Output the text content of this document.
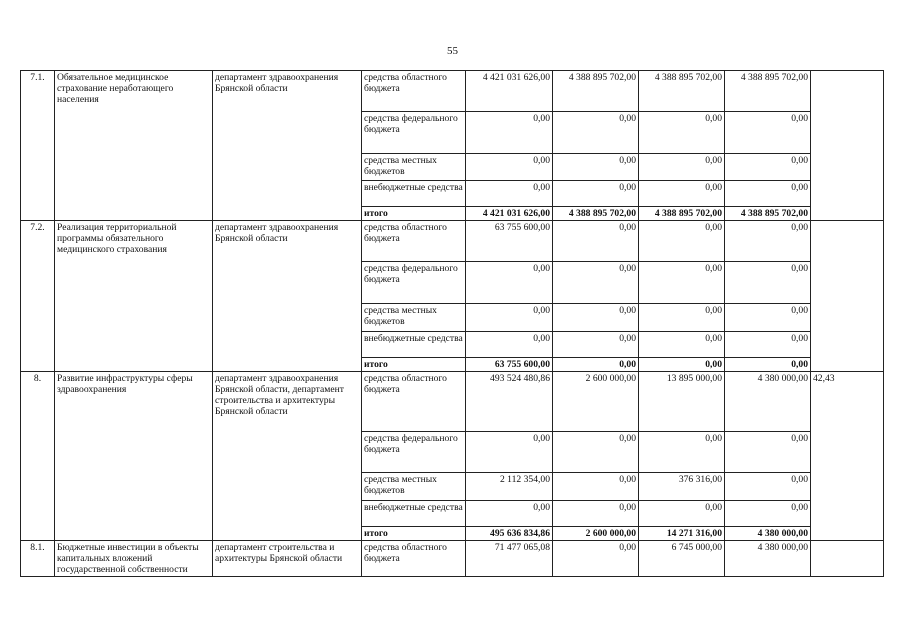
55
7.1.	Обязательное медицинское страхование неработающего населения	департамент здравоохранения Брянской области	средства областного бюджета	4 421 031 626,00	4 388 895 702,00	4 388 895 702,00	4 388 895 702,00	
			средства федерального бюджета	0,00	0,00	0,00	0,00	
			средства местных бюджетов	0,00	0,00	0,00	0,00	
			внебюджетные средства	0,00	0,00	0,00	0,00	
			итого	4 421 031 626,00	4 388 895 702,00	4 388 895 702,00	4 388 895 702,00	
7.2.	Реализация территориальной программы обязательного медицинского страхования	департамент здравоохранения Брянской области	средства областного бюджета	63 755 600,00	0,00	0,00	0,00	
			средства федерального бюджета	0,00	0,00	0,00	0,00	
			средства местных бюджетов	0,00	0,00	0,00	0,00	
			внебюджетные средства	0,00	0,00	0,00	0,00	
			итого	63 755 600,00	0,00	0,00	0,00	
8.	Развитие инфраструктуры сферы здравоохранения	департамент здравоохранения Брянской области, департамент строительства и архитектуры Брянской области	средства областного бюджета	493 524 480,86	2 600 000,00	13 895 000,00	4 380 000,00	42,43
			средства федерального бюджета	0,00	0,00	0,00	0,00	
			средства местных бюджетов	2 112 354,00	0,00	376 316,00	0,00	
			внебюджетные средства	0,00	0,00	0,00	0,00	
			итого	495 636 834,86	2 600 000,00	14 271 316,00	4 380 000,00	
8.1.	Бюджетные инвестиции в объекты капитальных вложений государственной собственности	департамент строительства и архитектуры Брянской области	средства областного бюджета	71 477 065,08	0,00	6 745 000,00	4 380 000,00	
